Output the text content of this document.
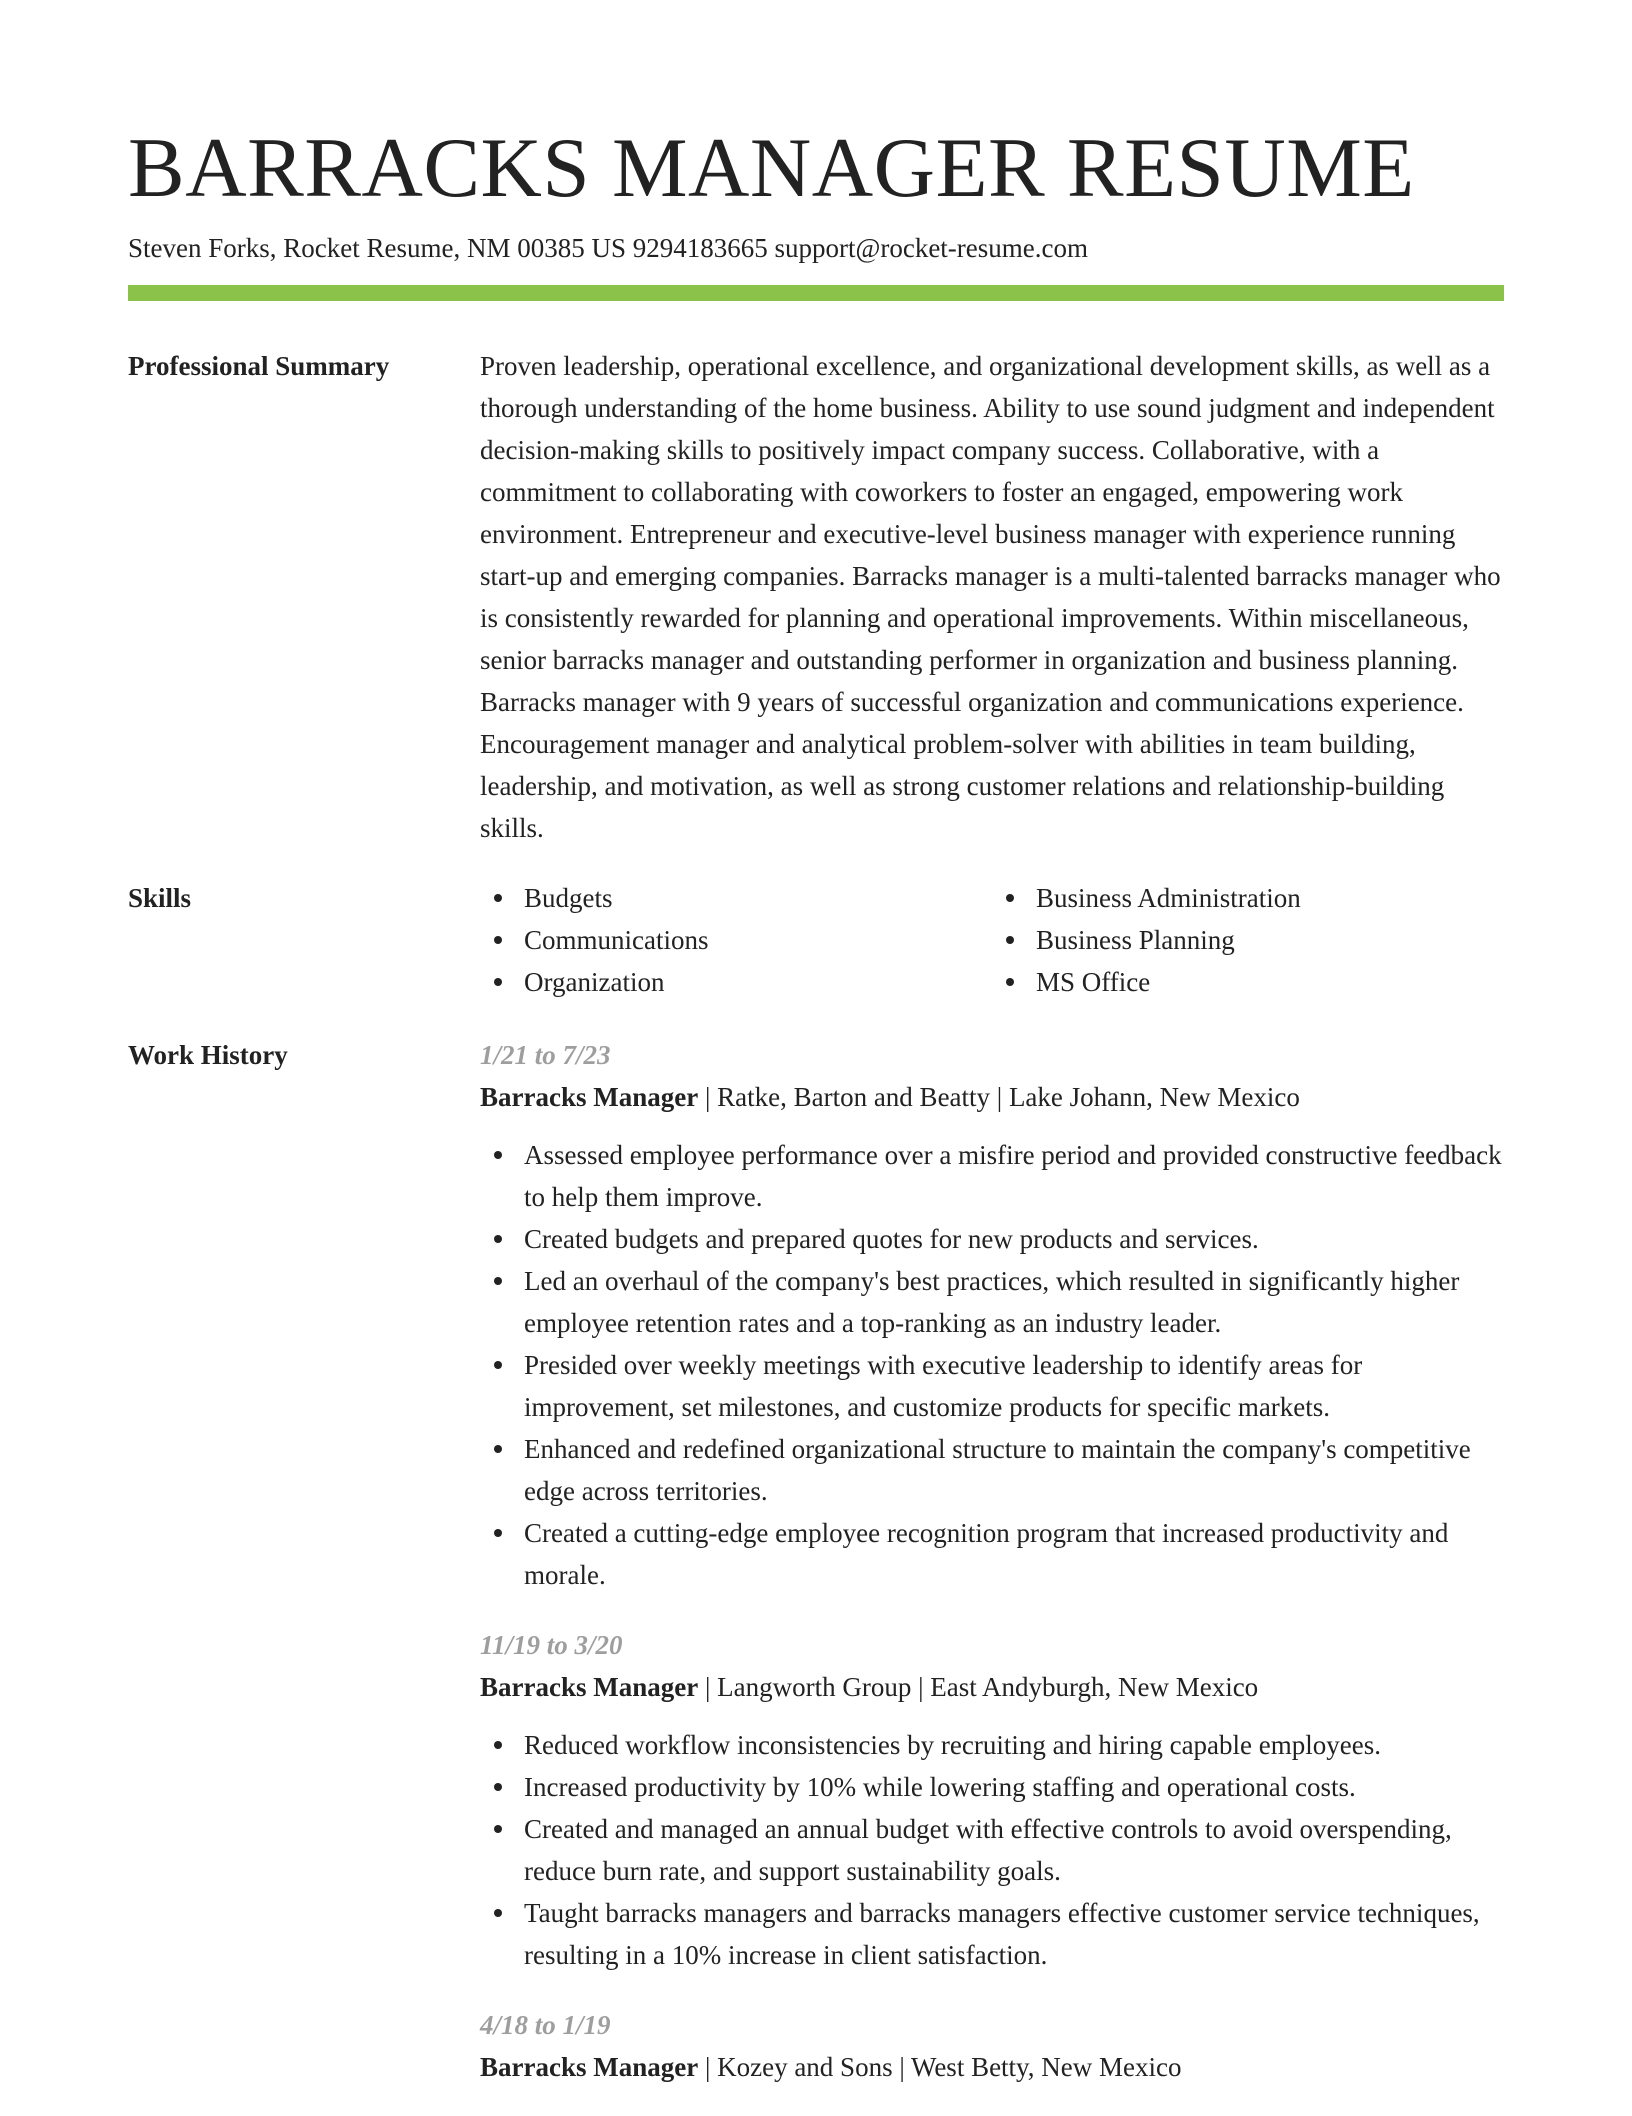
BARRACKS MANAGER RESUME
Steven Forks, Rocket Resume, NM 00385 US 9294183665 support@rocket-resume.com
Professional Summary	Proven leadership, operational excellence, and organizational development skills, as well as a thorough understanding of the home business. Ability to use sound judgment and independent decision-making skills to positively impact company success. Collaborative, with a commitment to collaborating with coworkers to foster an engaged, empowering work environment. Entrepreneur and executive-level business manager with experience running start-up and emerging companies. Barracks manager is a multi-talented barracks manager who is consistently rewarded for planning and operational improvements. Within miscellaneous, senior barracks manager and outstanding performer in organization and business planning. Barracks manager with 9 years of successful organization and communications experience. Encouragement manager and analytical problem-solver with abilities in team building, leadership, and motivation, as well as strong customer relations and relationship-building skills.

Skills	Budgets
Communications
Organization
Business Administration
Business Planning
MS Office
Work History	1/21 to 7/23
Barracks Manager | Ratke, Barton and Beatty | Lake Johann, New Mexico
Assessed employee performance over a misfire period and provided constructive feedback to help them improve.
Created budgets and prepared quotes for new products and services.
Led an overhaul of the company's best practices, which resulted in significantly higher employee retention rates and a top-ranking as an industry leader.
Presided over weekly meetings with executive leadership to identify areas for improvement, set milestones, and customize products for specific markets.
Enhanced and redefined organizational structure to maintain the company's competitive edge across territories.
Created a cutting-edge employee recognition program that increased productivity and morale.
11/19 to 3/20
Barracks Manager | Langworth Group | East Andyburgh, New Mexico
Reduced workflow inconsistencies by recruiting and hiring capable employees.
Increased productivity by 10% while lowering staffing and operational costs.
Created and managed an annual budget with effective controls to avoid overspending, reduce burn rate, and support sustainability goals.
Taught barracks managers and barracks managers effective customer service techniques, resulting in a 10% increase in client satisfaction.
4/18 to 1/19
Barracks Manager | Kozey and Sons | West Betty, New Mexico
